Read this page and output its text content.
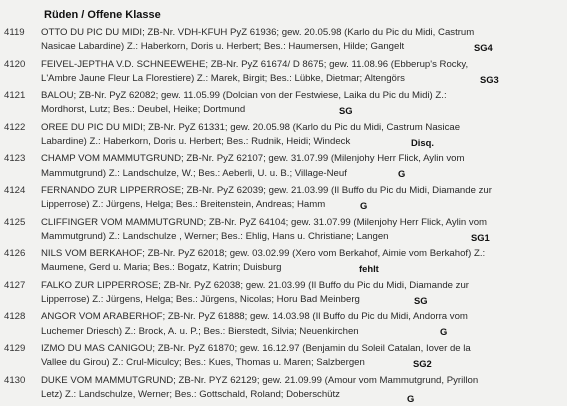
Rüden / Offene Klasse
4119	OTTO DU PIC DU MIDI; ZB-Nr. VDH-KFUH PyZ 61936; gew. 20.05.98 (Karlo du Pic du Midi, Castrum
Nasicae Labardine) Z.: Haberkorn, Doris u. Herbert; Bes.: Haumersen, Hilde; Gangelt	SG4
4120	FEIVEL-JEPTHA V.D. SCHNEEWEHE; ZB-Nr. PyZ 61674/ D 8675; gew. 11.08.96 (Ebberup's Rocky,
L'Ambre Jaune Fleur La Florestiere) Z.: Marek, Birgit; Bes.: Lübke, Dietmar; Altengörs	SG3
4121	BALOU; ZB-Nr. PyZ 62082; gew. 11.05.99 (Dolcian von der Festwiese, Laika du Pic du Midi) Z.:
Mordhorst, Lutz; Bes.: Deubel, Heike; Dortmund	SG
4122	OREE DU PIC DU MIDI; ZB-Nr. PyZ 61331; gew. 20.05.98 (Karlo du Pic du Midi, Castrum Nasicae
Labardine) Z.: Haberkorn, Doris u. Herbert; Bes.: Rudnik, Heidi; Windeck	Disq.
4123	CHAMP VOM MAMMUTGRUND; ZB-Nr. PyZ 62107; gew. 31.07.99 (Milenjohy Herr Flick, Aylin vom
Mammutgrund) Z.: Landschulze, W.; Bes.: Aeberli, U. u. B.; Village-Neuf	G
4124	FERNANDO ZUR LIPPERROSE; ZB-Nr. PyZ 62039; gew. 21.03.99 (Il Buffo du Pic du Midi, Diamande zur
Lipperrose) Z.: Jürgens, Helga; Bes.: Breitenstein, Andreas; Hamm	G
4125	CLIFFINGER VOM MAMMUTGRUND; ZB-Nr. PyZ 64104; gew. 31.07.99 (Milenjohy Herr Flick, Aylin vom
Mammutgrund) Z.: Landschulze , Werner; Bes.: Ehlig, Hans u. Christiane; Langen	SG1
4126	NILS VOM BERKAHOF; ZB-Nr. PyZ 62018; gew. 03.02.99 (Xero vom Berkahof, Aimie vom Berkahof) Z.:
Maumene, Gerd u. Maria; Bes.: Bogatz, Katrin; Duisburg	fehlt
4127	FALKO ZUR LIPPERROSE; ZB-Nr. PyZ 62038; gew. 21.03.99 (Il Buffo du Pic du Midi, Diamande zur
Lipperrose) Z.: Jürgens, Helga; Bes.: Jürgens, Nicolas; Horu Bad Meinberg	SG
4128	ANGOR VOM ARABERHOF; ZB-Nr. PyZ 61888; gew. 14.03.98 (Il Buffo du Pic du Midi, Andorra vom
Luchemer Driesch) Z.: Brock, A. u. P.; Bes.: Bierstedt, Silvia; Neuenkirchen	G
4129	IZMO DU MAS CANIGOU; ZB-Nr. PyZ 61870; gew. 16.12.97 (Benjamin du Soleil Catalan, Iover de la
Vallee du Girou) Z.: Crul-Miculcy; Bes.: Kues, Thomas u. Maren; Salzbergen	SG2
4130	DUKE VOM MAMMUTGRUND; ZB-Nr. PYZ 62129; gew. 21.09.99 (Amour vom Mammutgrund, Pyrillon
Letz) Z.: Landschulze, Werner; Bes.: Gottschald, Roland; Doberschütz	G
